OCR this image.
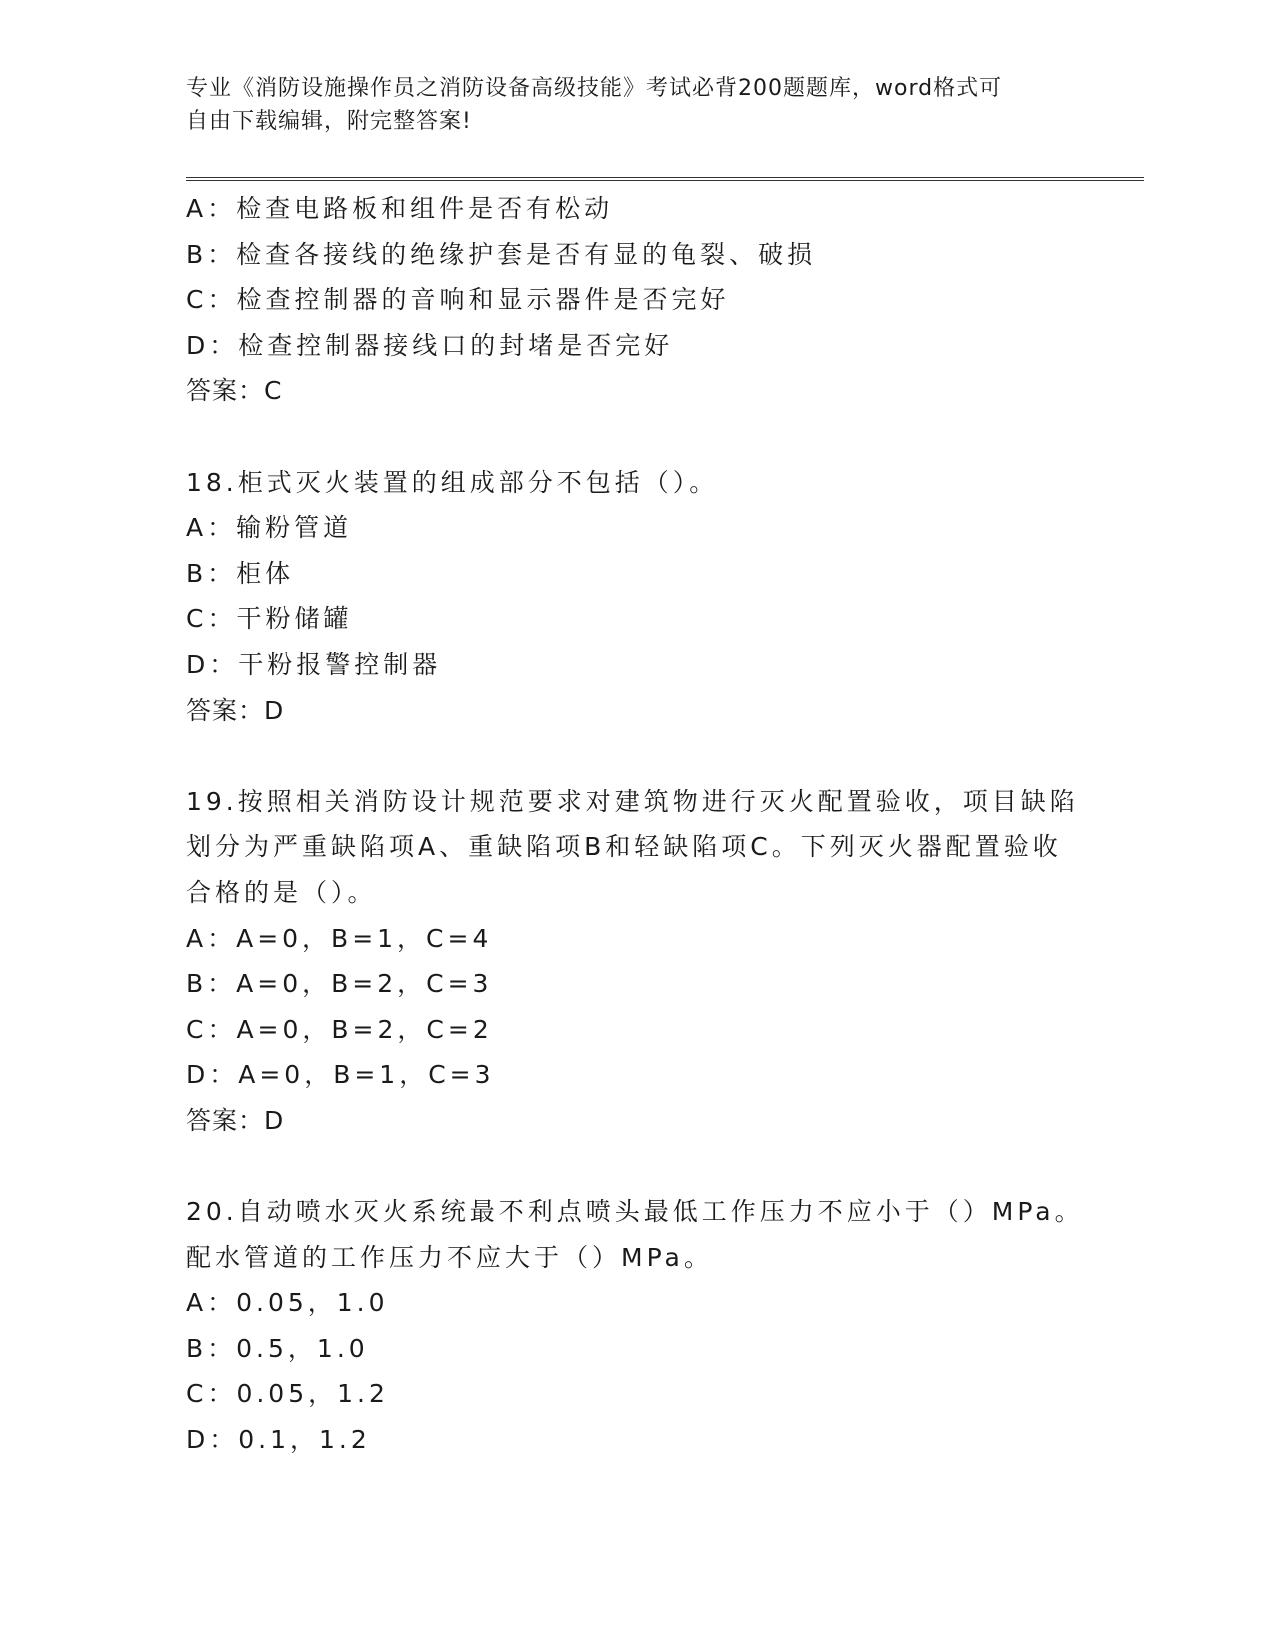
专业《消防设施操作员之消防设备高级技能》考试必背200题题库，word格式可
自由下载编辑，附完整答案!
A：检查电路板和组件是否有松动
B：检查各接线的绝缘护套是否有显的龟裂、破损
C：检查控制器的音响和显示器件是否完好
D：检查控制器接线口的封堵是否完好
答案：C
18.柜式灭火装置的组成部分不包括（）。
A：输粉管道
B：柜体
C：干粉储罐
D：干粉报警控制器
答案：D
19.按照相关消防设计规范要求对建筑物进行灭火配置验收，项目缺陷
划分为严重缺陷项A、重缺陷项B和轻缺陷项C。下列灭火器配置验收
合格的是（）。
A：A=0，B=1，C=4
B：A=0，B=2，C=3
C：A=0，B=2，C=2
D：A=0，B=1，C=3
答案：D
20.自动喷水灭火系统最不利点喷头最低工作压力不应小于（）MPa。
配水管道的工作压力不应大于（）MPa。
A：0.05，1.0
B：0.5，1.0
C：0.05，1.2
D：0.1，1.2
